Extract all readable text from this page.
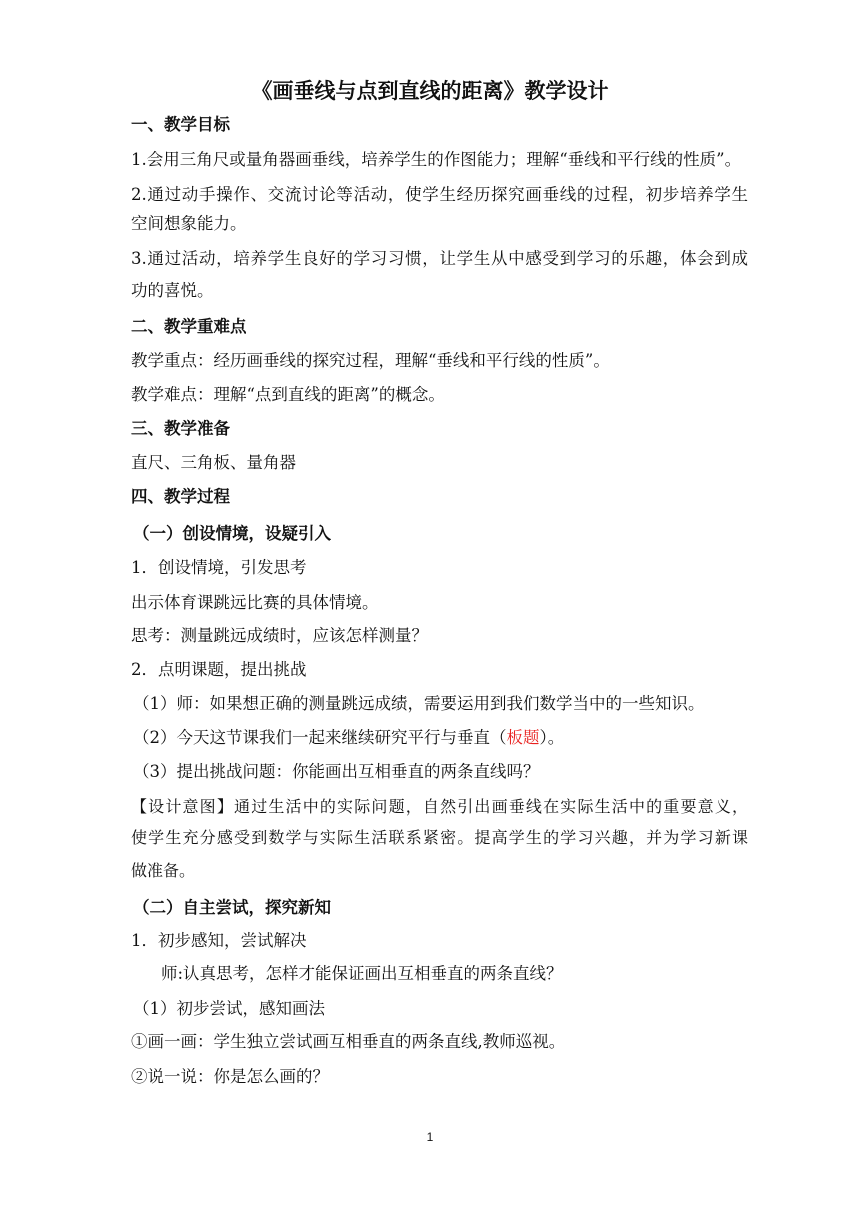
《画垂线与点到直线的距离》教学设计
一、教学目标
1.会用三角尺或量角器画垂线，培养学生的作图能力；理解“垂线和平行线的性质”。
2.通过动手操作、交流讨论等活动，使学生经历探究画垂线的过程，初步培养学生
空间想象能力。
3.通过活动，培养学生良好的学习习惯，让学生从中感受到学习的乐趣，体会到成
功的喜悦。
二、教学重难点
教学重点：经历画垂线的探究过程，理解“垂线和平行线的性质”。
教学难点：理解“点到直线的距离”的概念。
三、教学准备
直尺、三角板、量角器
四、教学过程
（一）创设情境，设疑引入
1．创设情境，引发思考
出示体育课跳远比赛的具体情境。
思考：测量跳远成绩时，应该怎样测量？
2．点明课题，提出挑战
（1）师：如果想正确的测量跳远成绩，需要运用到我们数学当中的一些知识。
（2）今天这节课我们一起来继续研究平行与垂直（板题）。
（3）提出挑战问题：你能画出互相垂直的两条直线吗？
【设计意图】通过生活中的实际问题，自然引出画垂线在实际生活中的重要意义，
使学生充分感受到数学与实际生活联系紧密。提高学生的学习兴趣，并为学习新课
做准备。
（二）自主尝试，探究新知
1．初步感知，尝试解决
师:认真思考，怎样才能保证画出互相垂直的两条直线？
（1）初步尝试，感知画法
①画一画：学生独立尝试画互相垂直的两条直线,教师巡视。
②说一说：你是怎么画的？
1
